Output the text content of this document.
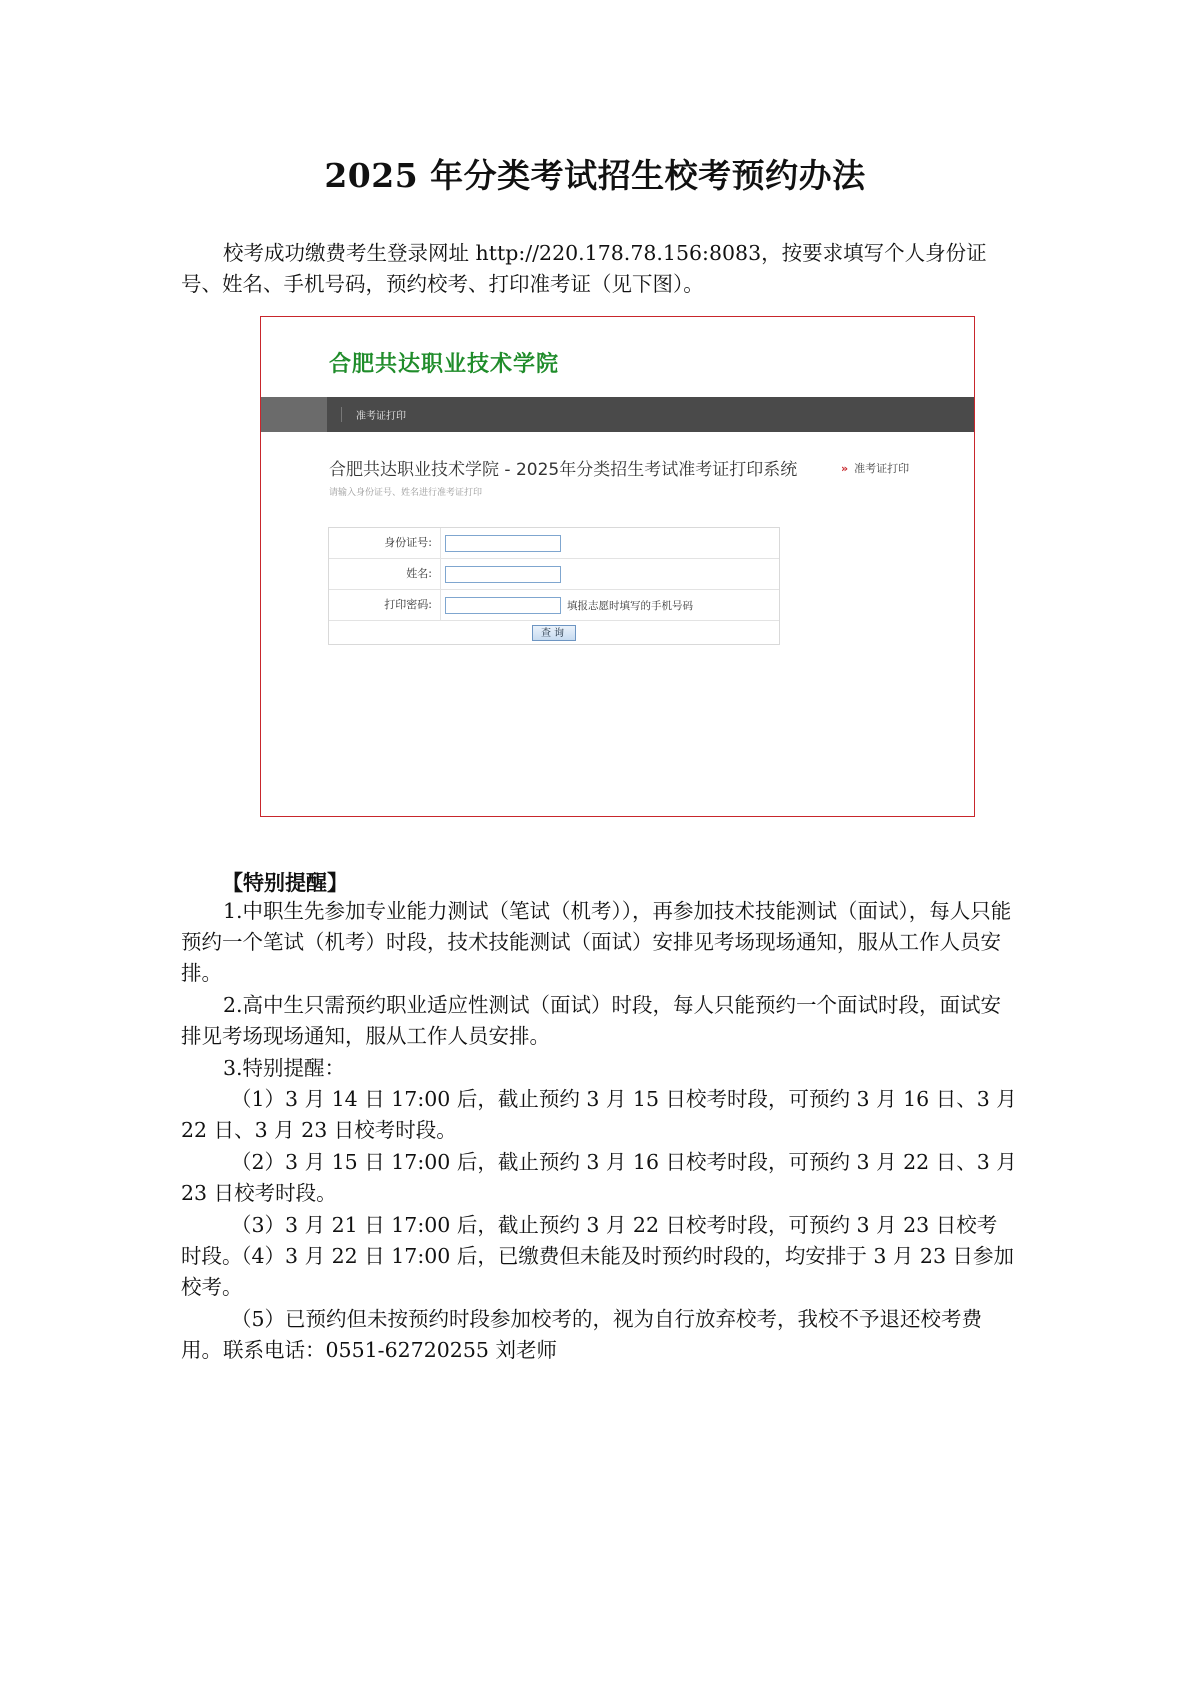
2025 年分类考试招生校考预约办法

校考成功缴费考生登录网址 http://220.178.78.156:8083，按要求填写个人身份证号、姓名、手机号码，预约校考、打印准考证（见下图）。

合肥共达职业技术学院
准考证打印
合肥共达职业技术学院 - 2025年分类招生考试准考证打印系统	» 准考证打印
请输入身份证号、姓名进行准考证打印
身份证号:
姓名:
打印密码:	填报志愿时填写的手机号码
查询
【特别提醒】

1.中职生先参加专业能力测试（笔试（机考）），再参加技术技能测试（面试），每人只能预约一个笔试（机考）时段，技术技能测试（面试）安排见考场现场通知，服从工作人员安排。

2.高中生只需预约职业适应性测试（面试）时段，每人只能预约一个面试时段，面试安排见考场现场通知，服从工作人员安排。

3.特别提醒：

（1）3 月 14 日 17:00 后，截止预约 3 月 15 日校考时段，可预约 3 月 16 日、3 月 22 日、3 月 23 日校考时段。

（2）3 月 15 日 17:00 后，截止预约 3 月 16 日校考时段，可预约 3 月 22 日、3 月 23 日校考时段。

（3）3 月 21 日 17:00 后，截止预约 3 月 22 日校考时段，可预约 3 月 23 日校考时段。

（4）3 月 22 日 17:00 后，已缴费但未能及时预约时段的，均安排于 3 月 23 日参加校考。

（5）已预约但未按预约时段参加校考的，视为自行放弃校考，我校不予退还校考费用。 联系电话：0551-62720255 刘老师
